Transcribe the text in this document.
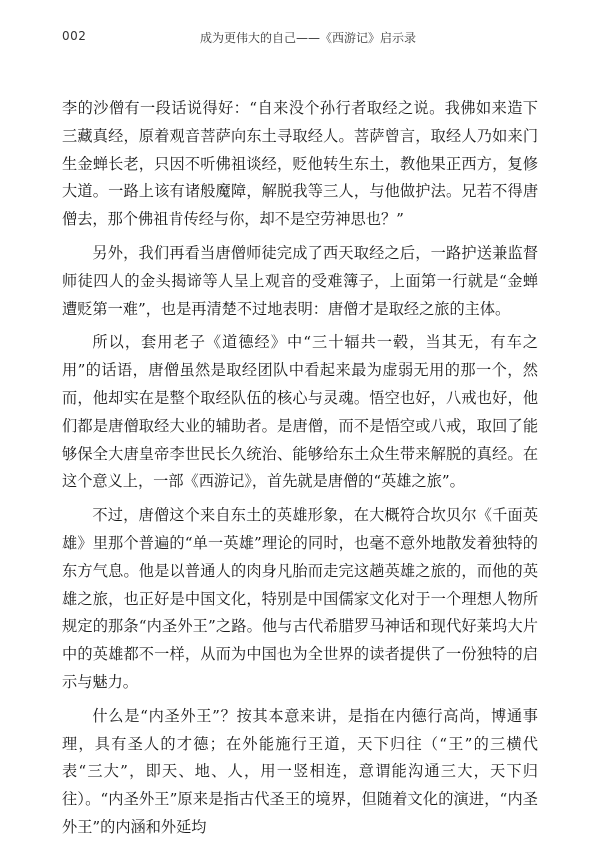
002	成为更伟大的自己——《西游记》启示录

李的沙僧有一段话说得好：“自来没个孙行者取经之说。我佛如来造下三藏真经，原着观音菩萨向东土寻取经人。菩萨曾言，取经人乃如来门生金蝉长老，只因不听佛祖谈经，贬他转生东土，教他果正西方，复修大道。一路上该有诸般魔障，解脱我等三人，与他做护法。兄若不得唐僧去，那个佛祖肯传经与你，却不是空劳神思也？”

另外，我们再看当唐僧师徒完成了西天取经之后，一路护送兼监督师徒四人的金头揭谛等人呈上观音的受难簿子，上面第一行就是“金蝉遭贬第一难”，也是再清楚不过地表明：唐僧才是取经之旅的主体。

所以，套用老子《道德经》中“三十辐共一毂，当其无，有车之用”的话语，唐僧虽然是取经团队中看起来最为虚弱无用的那一个，然而，他却实在是整个取经队伍的核心与灵魂。悟空也好，八戒也好，他们都是唐僧取经大业的辅助者。是唐僧，而不是悟空或八戒，取回了能够保全大唐皇帝李世民长久统治、能够给东土众生带来解脱的真经。在这个意义上，一部《西游记》，首先就是唐僧的“英雄之旅”。

不过，唐僧这个来自东土的英雄形象，在大概符合坎贝尔《千面英雄》里那个普遍的“单一英雄”理论的同时，也毫不意外地散发着独特的东方气息。他是以普通人的肉身凡胎而走完这趟英雄之旅的，而他的英雄之旅，也正好是中国文化，特别是中国儒家文化对于一个理想人物所规定的那条“内圣外王”之路。他与古代希腊罗马神话和现代好莱坞大片中的英雄都不一样，从而为中国也为全世界的读者提供了一份独特的启示与魅力。

什么是“内圣外王”？按其本意来讲，是指在内德行高尚，博通事理，具有圣人的才德；在外能施行王道，天下归往（“王”的三横代表“三大”，即天、地、人，用一竖相连，意谓能沟通三大，天下归往）。“内圣外王”原来是指古代圣王的境界，但随着文化的演进，“内圣外王”的内涵和外延均
